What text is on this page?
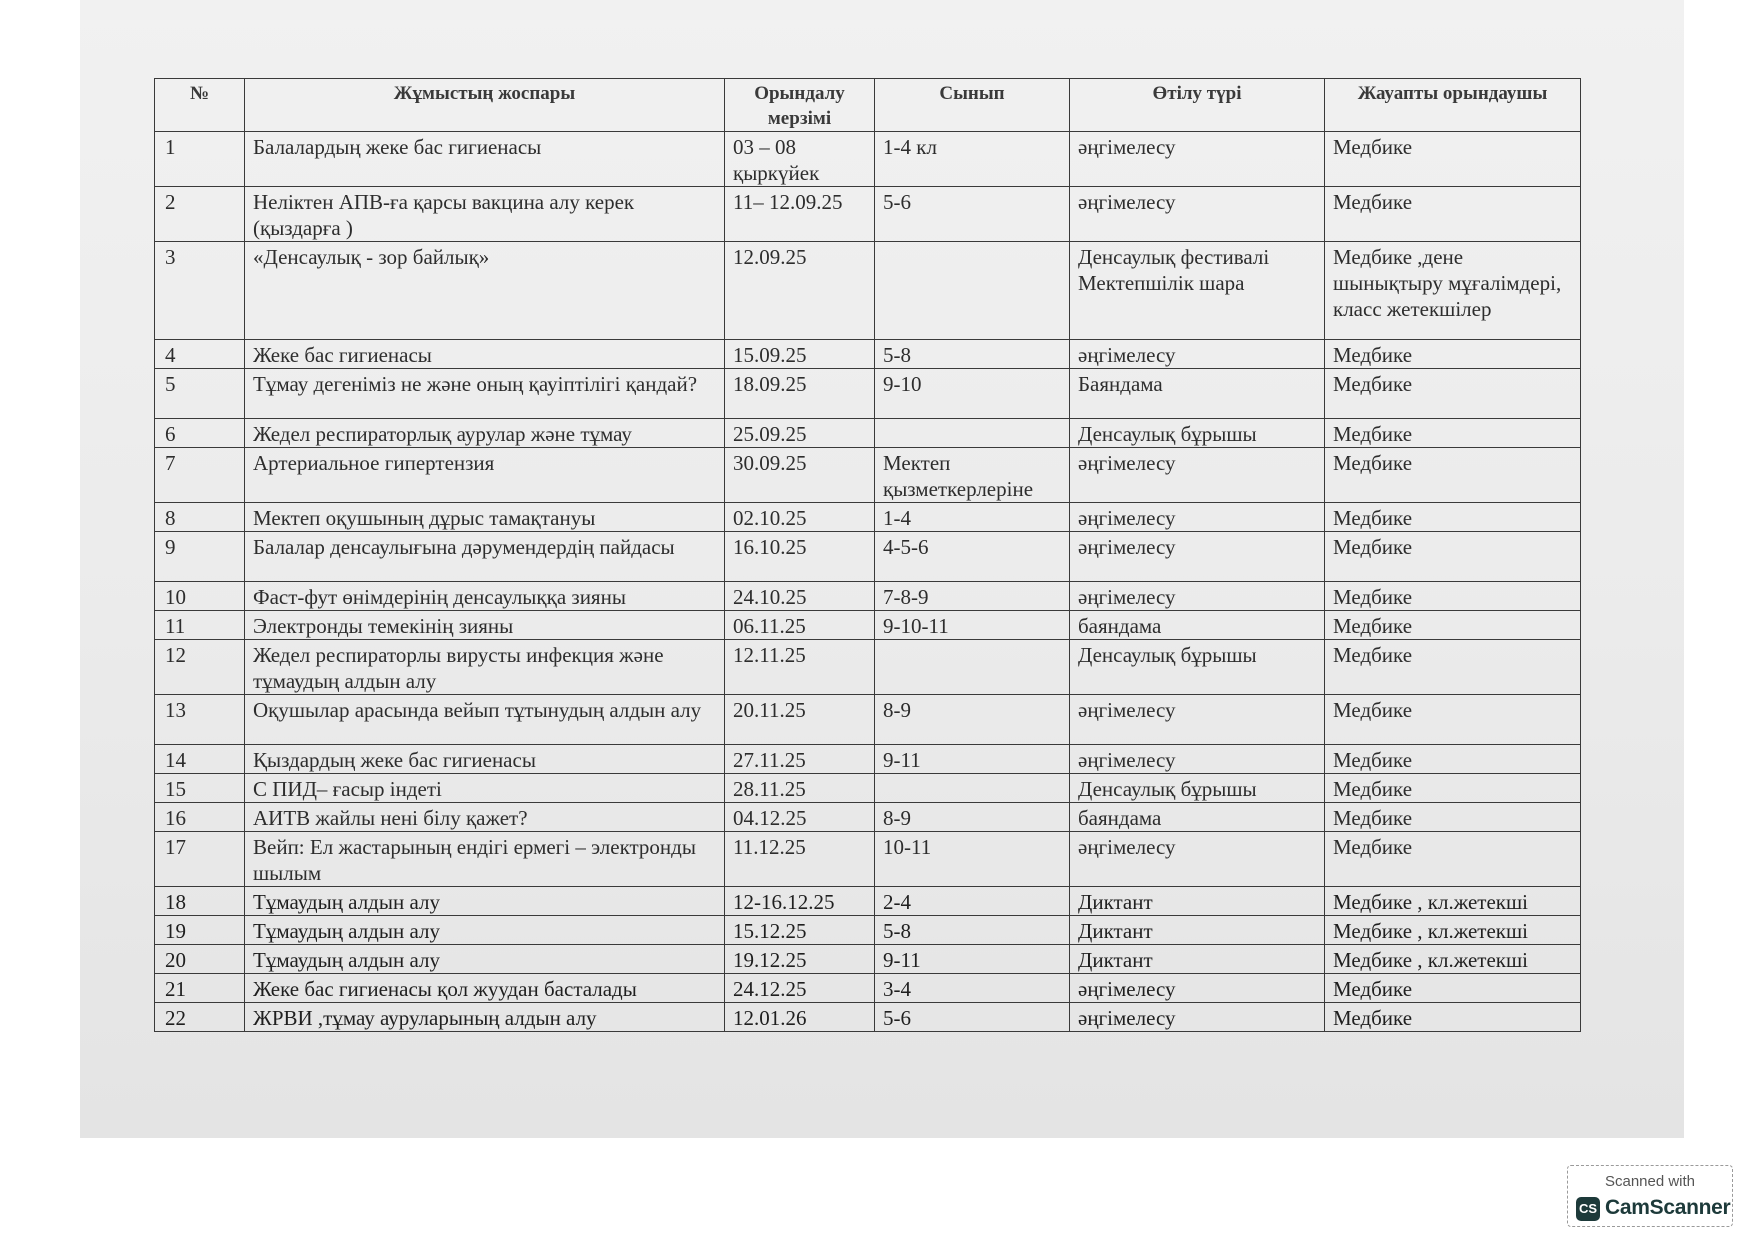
№	Жұмыстың жоспары	Орындалу мерзімі	Сынып	Өтілу түрі	Жауапты орындаушы
1	Балалардың жеке бас гигиенасы	03 – 08 қыркүйек	1-4 кл	әңгімелесу	Медбике
2	Неліктен АПВ-ға қарсы вакцина алу керек (қыздарға )	11– 12.09.25	5-6	әңгімелесу	Медбике
3	«Денсаулық - зор байлық»	12.09.25		Денсаулық фестивалі Мектепшілік шара	Медбике ,дене шынықтыру мұғалімдері, класс жетекшілер
4	Жеке бас гигиенасы	15.09.25	5-8	әңгімелесу	Медбике
5	Тұмау дегеніміз не және оның қауіптілігі қандай?	18.09.25	9-10	Баяндама	Медбике
6	Жедел респираторлық аурулар және тұмау	25.09.25		Денсаулық бұрышы	Медбике
7	Артериальное гипертензия	30.09.25	Мектеп қызметкерлеріне	әңгімелесу	Медбике
8	Мектеп оқушының дұрыс тамақтануы	02.10.25	1-4	әңгімелесу	Медбике
9	Балалар денсаулығына дәрумендердің пайдасы	16.10.25	4-5-6	әңгімелесу	Медбике
10	Фаст-фут өнімдерінің денсаулыққа зияны	24.10.25	7-8-9	әңгімелесу	Медбике
11	Электронды темекінің зияны	06.11.25	9-10-11	баяндама	Медбике
12	Жедел респираторлы вирусты инфекция және тұмаудың алдын алу	12.11.25		Денсаулық бұрышы	Медбике
13	Оқушылар арасында вейып тұтынудың алдын алу	20.11.25	8-9	әңгімелесу	Медбике
14	Қыздардың жеке бас гигиенасы	27.11.25	9-11	әңгімелесу	Медбике
15	С ПИД– ғасыр індеті	28.11.25		Денсаулық бұрышы	Медбике
16	АИТВ жайлы нені білу қажет?	04.12.25	8-9	баяндама	Медбике
17	Вейп: Ел жастарының ендігі ермегі – электронды шылым	11.12.25	10-11	әңгімелесу	Медбике
18	Тұмаудың алдын алу	12-16.12.25	2-4	Диктант	Медбике , кл.жетекші
19	Тұмаудың алдын алу	15.12.25	5-8	Диктант	Медбике , кл.жетекші
20	Тұмаудың алдын алу	19.12.25	9-11	Диктант	Медбике , кл.жетекші
21	Жеке бас гигиенасы қол жуудан басталады	24.12.25	3-4	әңгімелесу	Медбике
22	ЖРВИ ,тұмау ауруларының алдын алу	12.01.26	5-6	әңгімелесу	Медбике
Scanned with
CS CamScanner
